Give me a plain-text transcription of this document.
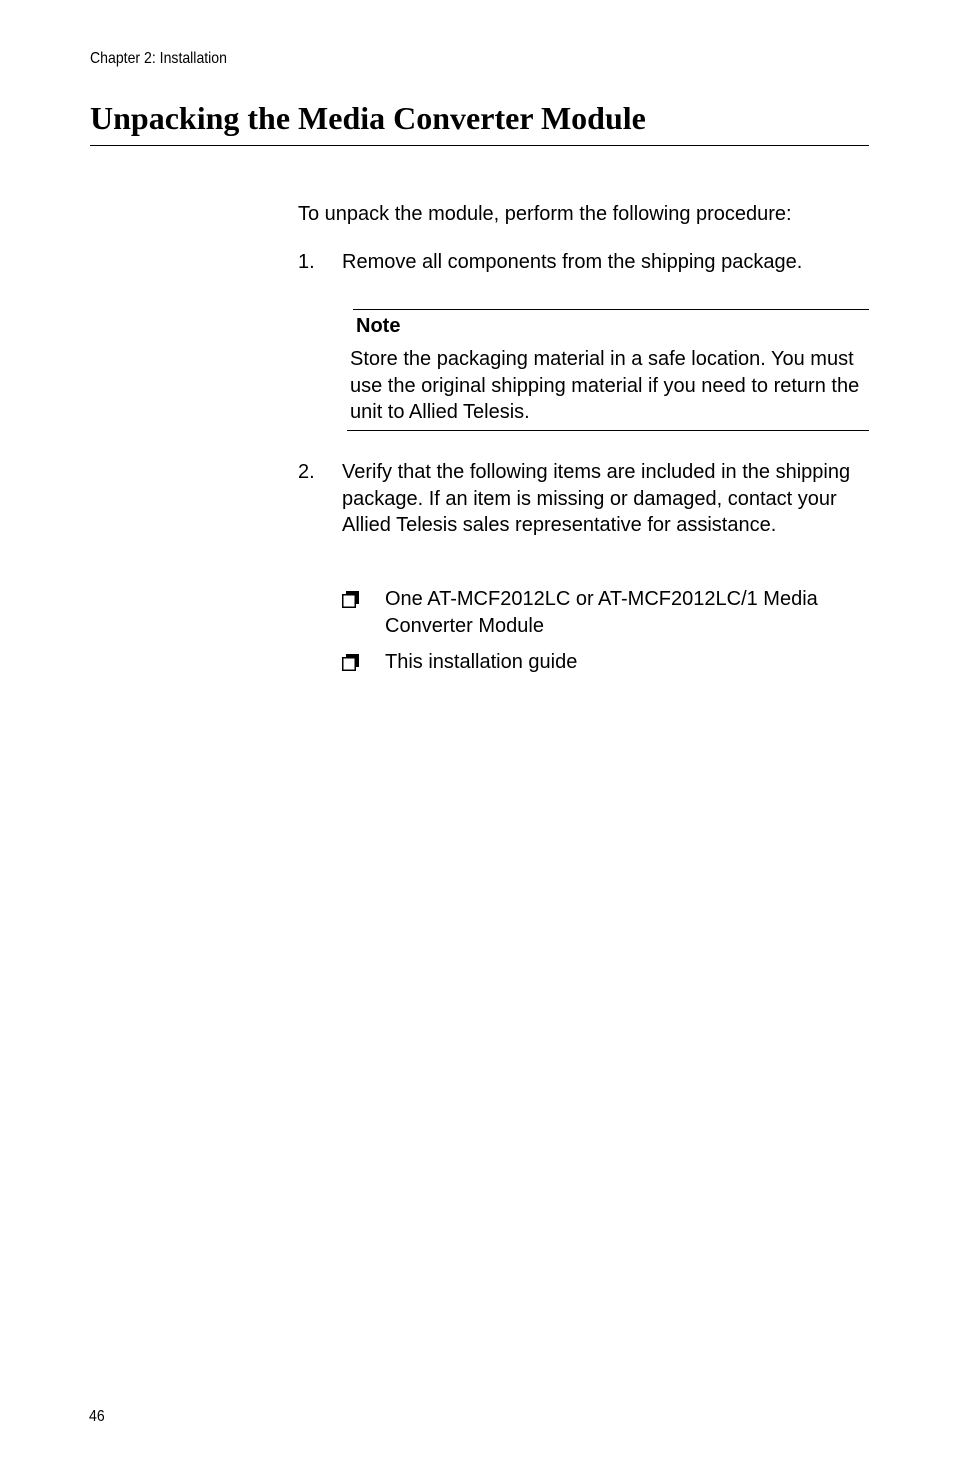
Chapter 2: Installation
Unpacking the Media Converter Module

To unpack the module, perform the following procedure:

1. Remove all components from the shipping package.

Note

Store the packaging material in a safe location. You must use the original shipping material if you need to return the unit to Allied Telesis.

2. Verify that the following items are included in the shipping package. If an item is missing or damaged, contact your Allied Telesis sales representative for assistance.

One AT-MCF2012LC or AT-MCF2012LC/1 Media Converter Module
This installation guide
46
